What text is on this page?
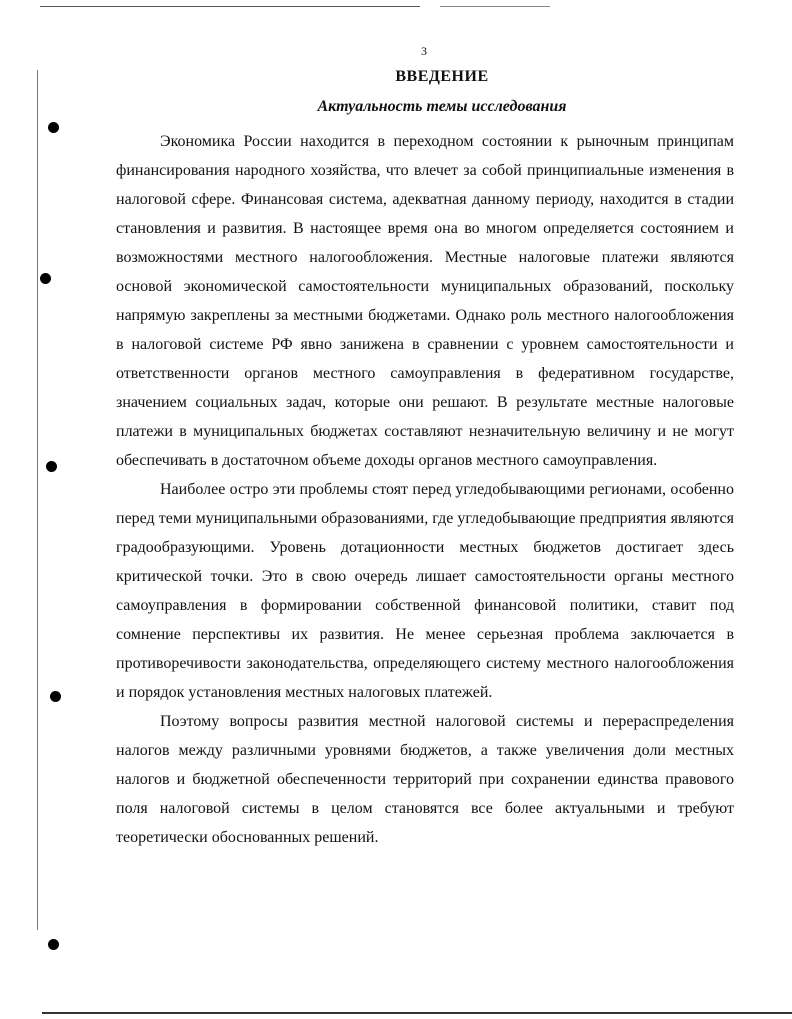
3
ВВЕДЕНИЕ
Актуальность темы исследования

Экономика России находится в переходном состоянии к рыночным принципам финансирования народного хозяйства, что влечет за собой принципиальные изменения в налоговой сфере. Финансовая система, адекватная данному периоду, находится в стадии становления и развития. В настоящее время она во многом определяется состоянием и возможностями местного налогообложения. Местные налоговые платежи являются основой экономической самостоятельности муниципальных образований, поскольку напрямую закреплены за местными бюджетами. Однако роль местного налогообложения в налоговой системе РФ явно занижена в сравнении с уровнем самостоятельности и ответственности органов местного самоуправления в федеративном государстве, значением социальных задач, которые они решают. В результате местные налоговые платежи в муниципальных бюджетах составляют незначительную величину и не могут обеспечивать в достаточном объеме доходы органов местного самоуправления.

Наиболее остро эти проблемы стоят перед угледобывающими регионами, особенно перед теми муниципальными образованиями, где угледобывающие предприятия являются градообразующими. Уровень дотационности местных бюджетов достигает здесь критической точки. Это в свою очередь лишает самостоятельности органы местного самоуправления в формировании собственной финансовой политики, ставит под сомнение перспективы их развития. Не менее серьезная проблема заключается в противоречивости законодательства, определяющего систему местного налогообложения и порядок установления местных налоговых платежей.

Поэтому вопросы развития местной налоговой системы и перераспределения налогов между различными уровнями бюджетов, а также увеличения доли местных налогов и бюджетной обеспеченности территорий при сохранении единства правового поля налоговой системы в целом становятся все более актуальными и требуют теоретически обоснованных решений.
